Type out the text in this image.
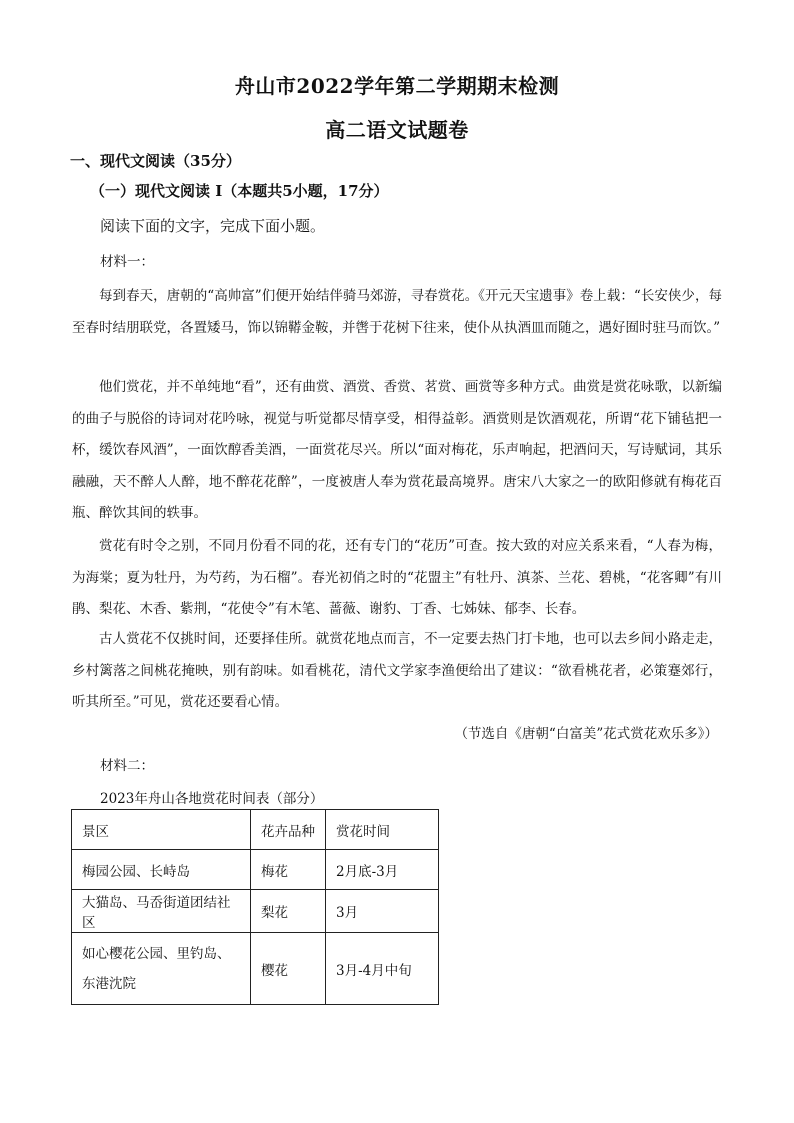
舟山市2022学年第二学期期末检测
高二语文试题卷
一、现代文阅读（35分）
（一）现代文阅读 I（本题共5小题，17分）
阅读下面的文字，完成下面小题。
材料一：

每到春天，唐朝的“高帅富”们便开始结伴骑马郊游，寻春赏花。《开元天宝遗事》卷上载：“长安侠少，每至春时结朋联党，各置矮马，饰以锦鞯金鞍，并辔于花树下往来，使仆从执酒皿而随之，遇好囿时驻马而饮。”

他们赏花，并不单纯地“看”，还有曲赏、酒赏、香赏、茗赏、画赏等多种方式。曲赏是赏花咏歌，以新编的曲子与脱俗的诗词对花吟咏，视觉与听觉都尽情享受，相得益彰。酒赏则是饮酒观花，所谓“花下铺毡把一杯，缓饮春风酒”，一面饮醇香美酒，一面赏花尽兴。所以“面对梅花，乐声响起，把酒问天，写诗赋词，其乐融融，天不醉人人醉，地不醉花花醉”，一度被唐人奉为赏花最高境界。唐宋八大家之一的欧阳修就有梅花百瓶、醉饮其间的轶事。

赏花有时令之别，不同月份看不同的花，还有专门的“花历”可查。按大致的对应关系来看，“人春为梅，为海棠；夏为牡丹，为芍药，为石榴”。春光初俏之时的“花盟主”有牡丹、滇茶、兰花、碧桃，“花客卿”有川鹃、梨花、木香、紫荆，“花使令”有木笔、蔷薇、谢豹、丁香、七姊妹、郁李、长春。

古人赏花不仅挑时间，还要择佳所。就赏花地点而言，不一定要去热门打卡地，也可以去乡间小路走走，乡村篱落之间桃花掩映，别有韵味。如看桃花，清代文学家李渔便给出了建议：“欲看桃花者，必策蹇郊行，听其所至。”可见，赏花还要看心情。

（节选自《唐朝“白富美”花式赏花欢乐多》）
材料二：
2023年舟山各地赏花时间表（部分）
景区	花卉品种	赏花时间
梅园公园、长峙岛	梅花	2月底-3月
大猫岛、马岙街道团结社区	梨花	3月
如心樱花公园、里钓岛、东港沈院	樱花	3月-4月中旬
